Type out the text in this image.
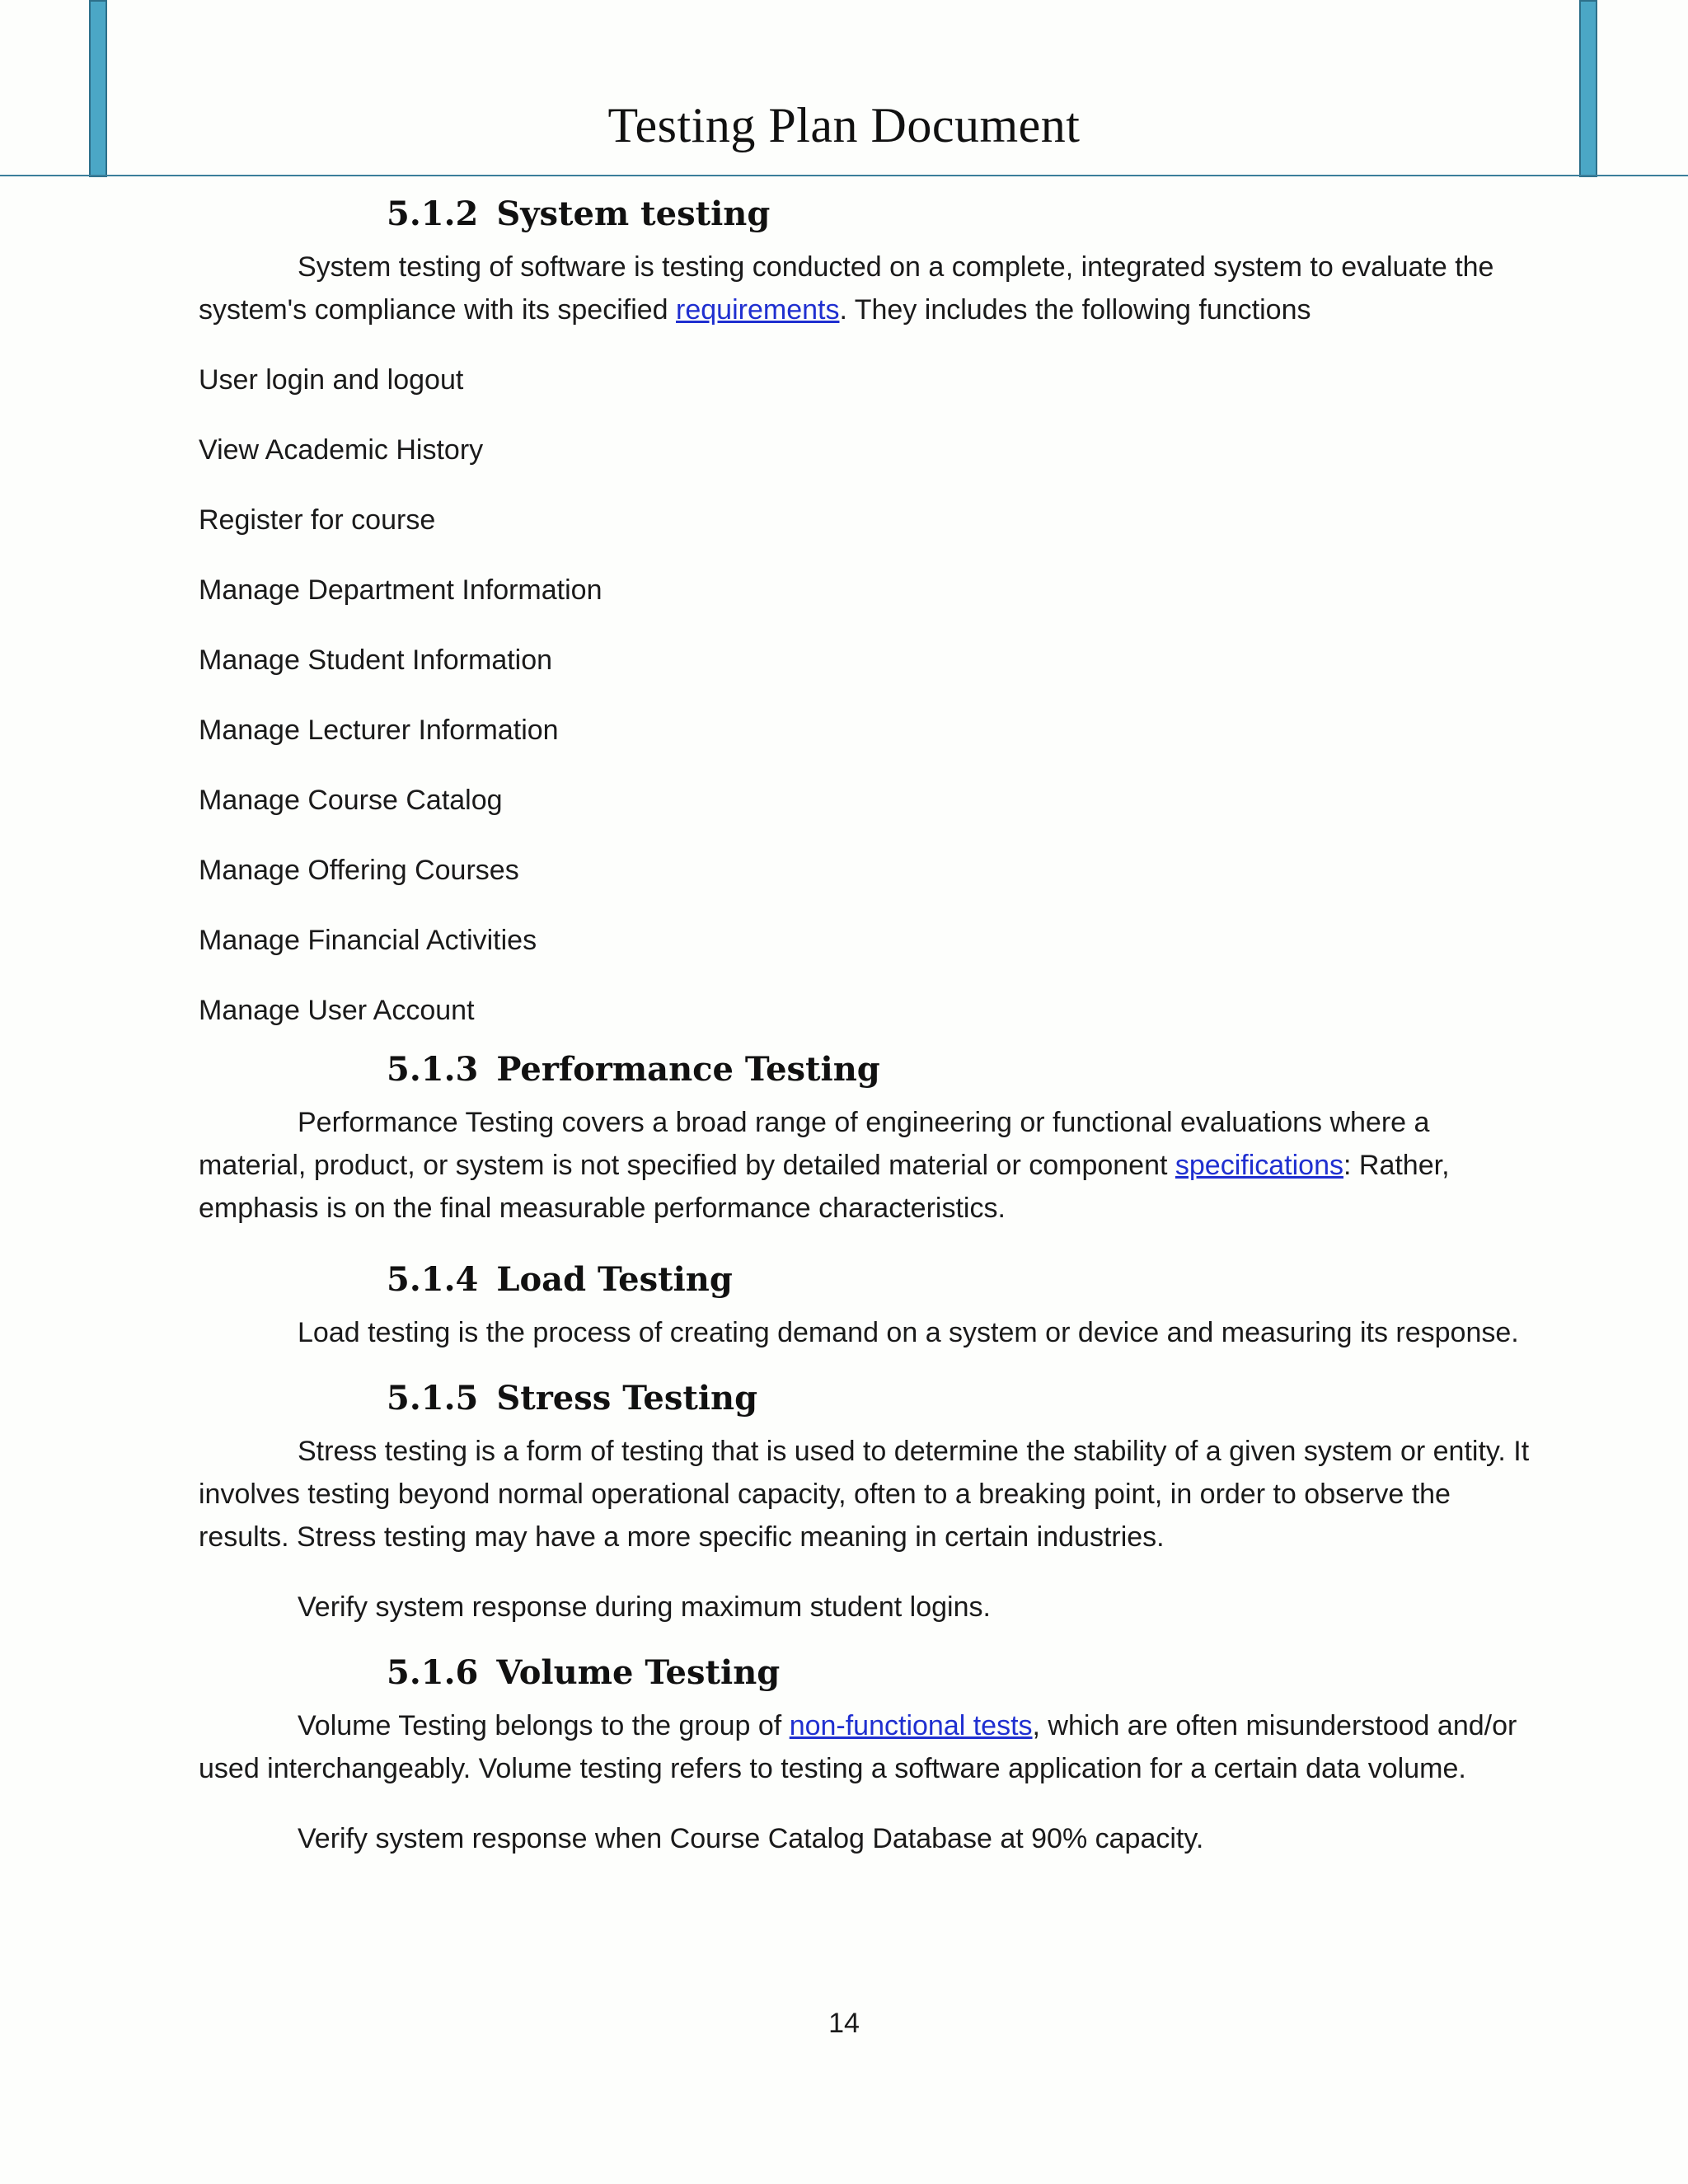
Testing Plan Document
5.1.2 System testing

System testing of software is testing conducted on a complete, integrated system to evaluate the system's compliance with its specified requirements. They includes the following functions

User login and logout
View Academic History
Register for course
Manage Department Information
Manage Student Information
Manage Lecturer Information
Manage Course Catalog
Manage Offering Courses
Manage Financial Activities
Manage User Account
5.1.3 Performance Testing

Performance Testing covers a broad range of engineering or functional evaluations where a material, product, or system is not specified by detailed material or component specifications: Rather, emphasis is on the final measurable performance characteristics.

5.1.4 Load Testing

Load testing is the process of creating demand on a system or device and measuring its response.

5.1.5 Stress Testing

Stress testing is a form of testing that is used to determine the stability of a given system or entity. It involves testing beyond normal operational capacity, often to a breaking point, in order to observe the results. Stress testing may have a more specific meaning in certain industries.

Verify system response during maximum student logins.

5.1.6 Volume Testing

Volume Testing belongs to the group of non-functional tests, which are often misunderstood and/or used interchangeably. Volume testing refers to testing a software application for a certain data volume.

Verify system response when Course Catalog Database at 90% capacity.

14
